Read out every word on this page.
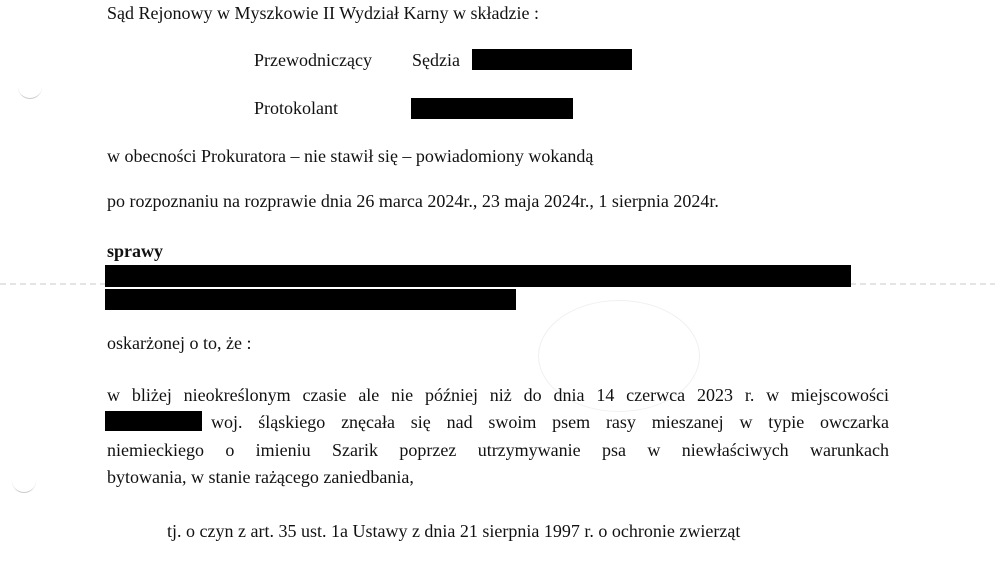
Sąd Rejonowy w Myszkowie II Wydział Karny w składzie :

Przewodniczący Sędzia

Protokolant

w obecności Prokuratora – nie stawił się – powiadomiony wokandą

po rozpoznaniu na rozprawie dnia 26 marca 2024r., 23 maja 2024r., 1 sierpnia 2024r.

sprawy

oskarżonej o to, że :

w bliżej nieokreślonym czasie ale nie później niż do dnia 14 czerwca 2023 r. w miejscowości
woj. śląskiego znęcała się nad swoim psem rasy mieszanej w typie owczarka
niemieckiego o imieniu Szarik poprzez utrzymywanie psa w niewłaściwych warunkach

bytowania, w stanie rażącego zaniedbania,

tj. o czyn z art. 35 ust. 1a Ustawy z dnia 21 sierpnia 1997 r. o ochronie zwierząt
